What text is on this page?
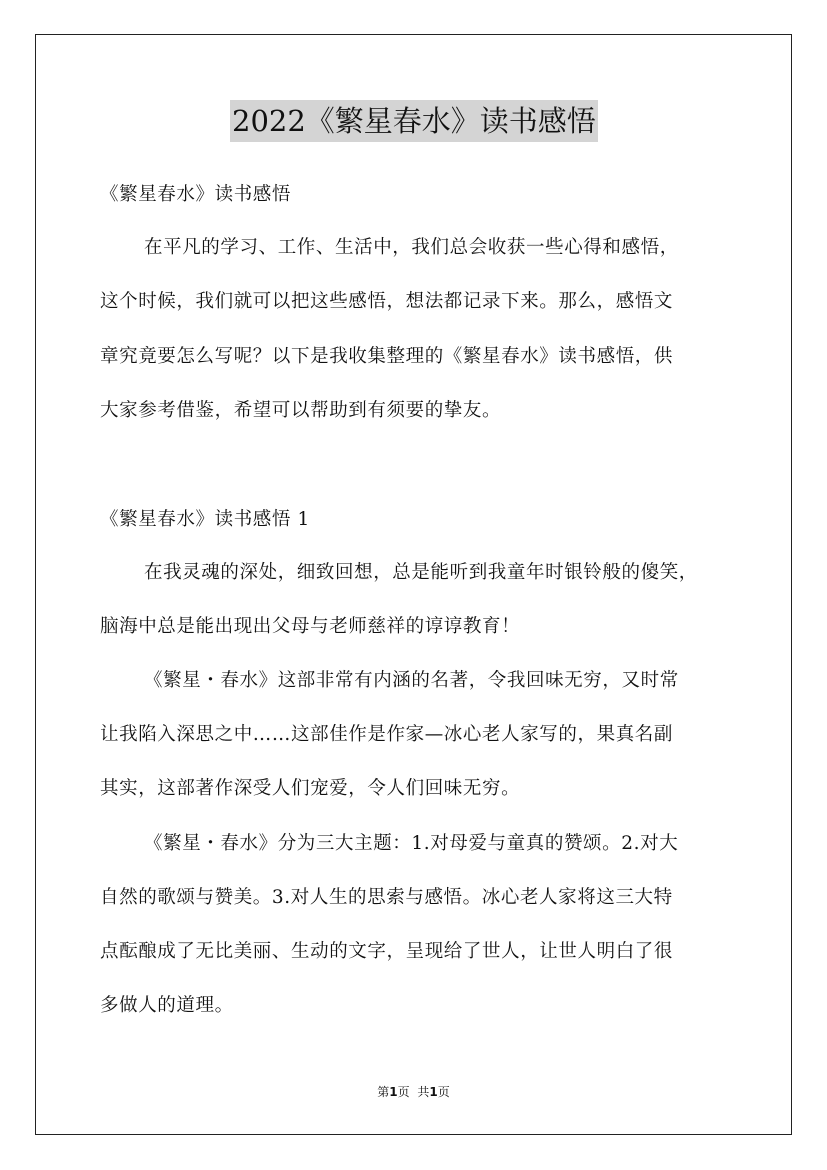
2022《繁星春水》读书感悟
《繁星春水》读书感悟
在平凡的学习、工作、生活中，我们总会收获一些心得和感悟，
这个时候，我们就可以把这些感悟，想法都记录下来。那么，感悟文
章究竟要怎么写呢？以下是我收集整理的《繁星春水》读书感悟，供
大家参考借鉴，希望可以帮助到有须要的挚友。
《繁星春水》读书感悟 1
在我灵魂的深处，细致回想，总是能听到我童年时银铃般的傻笑，
脑海中总是能出现出父母与老师慈祥的谆谆教育！
《繁星・春水》这部非常有内涵的名著，令我回味无穷，又时常
让我陷入深思之中……这部佳作是作家—冰心老人家写的，果真名副
其实，这部著作深受人们宠爱，令人们回味无穷。
《繁星・春水》分为三大主题：1.对母爱与童真的赞颂。2.对大
自然的歌颂与赞美。3.对人生的思索与感悟。冰心老人家将这三大特
点酝酿成了无比美丽、生动的文字，呈现给了世人，让世人明白了很
多做人的道理。
第1页 共1页
